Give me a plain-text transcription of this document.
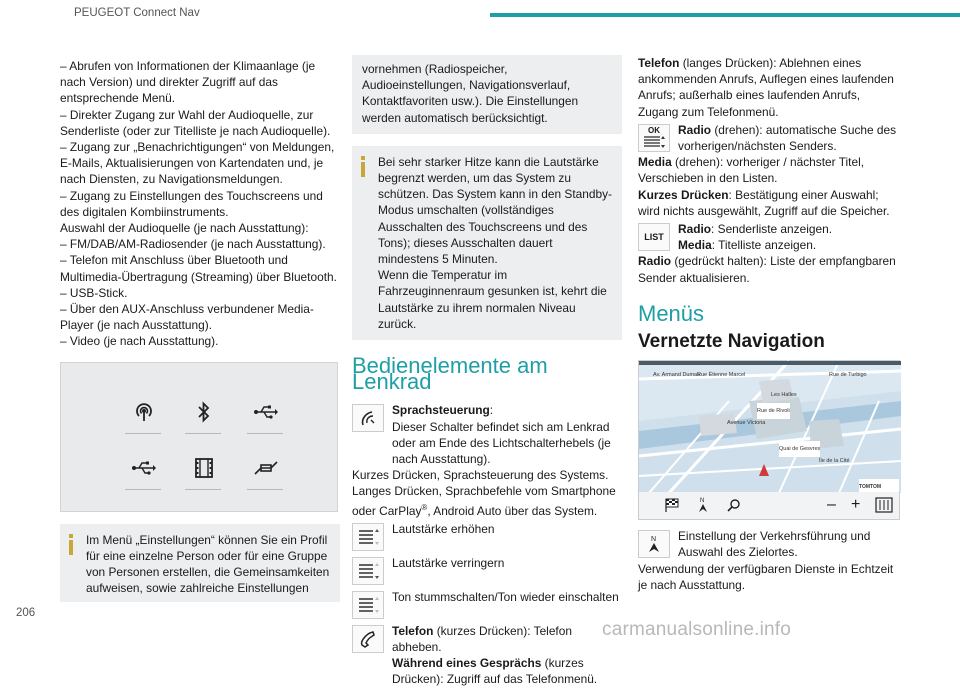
PEUGEOT Connect Nav

– Abrufen von Informationen der Klimaanlage (je nach Version) und direkter Zugriff auf das entsprechende Menü.

– Direkter Zugang zur Wahl der Audioquelle, zur Senderliste (oder zur Titelliste je nach Audioquelle).

– Zugang zur „Benachrichtigungen“ von Meldungen, E-Mails, Aktualisierungen von Kartendaten und, je nach Diensten, zu Navigationsmeldungen.

– Zugang zu Einstellungen des Touchscreens und des digitalen Kombiinstruments.

Auswahl der Audioquelle (je nach Ausstattung):

– FM/DAB/AM-Radiosender (je nach Ausstattung).

– Telefon mit Anschluss über Bluetooth und Multimedia-Übertragung (Streaming) über Bluetooth.

– USB-Stick.

– Über den AUX-Anschluss verbundener Media-Player (je nach Ausstattung).

– Video (je nach Ausstattung).

Im Menü „Einstellungen“ können Sie ein Profil für eine einzelne Person oder für eine Gruppe von Personen erstellen, die Gemeinsamkeiten aufweisen, sowie zahlreiche Einstellungen

vornehmen (Radiospeicher, Audioeinstellungen, Navigationsverlauf, Kontaktfavoriten usw.). Die Einstellungen werden automatisch berücksichtigt.

Bei sehr starker Hitze kann die Lautstärke begrenzt werden, um das System zu schützen. Das System kann in den Standby-Modus umschalten (vollständiges Ausschalten des Touchscreens und des Tons); dieses Ausschalten dauert mindestens 5 Minuten.

Wenn die Temperatur im Fahrzeuginnenraum gesunken ist, kehrt die Lautstärke zu ihrem normalen Niveau zurück.

Bedienelemente am Lenkrad

Sprachsteuerung:

Dieser Schalter befindet sich am Lenkrad oder am Ende des Lichtschalterhebels (je nach Ausstattung).

Kurzes Drücken, Sprachsteuerung des Systems.

Langes Drücken, Sprachbefehle vom Smartphone oder CarPlay®, Android Auto über das System.

Lautstärke erhöhen

Lautstärke verringern

Ton stummschalten/Ton wieder einschalten

Telefon (kurzes Drücken): Telefon abheben.

Während eines Gesprächs (kurzes Drücken): Zugriff auf das Telefonmenü.

Telefon (langes Drücken): Ablehnen eines ankommenden Anrufs, Auflegen eines laufenden Anrufs; außerhalb eines laufenden Anrufs, Zugang zum Telefonmenü.

OK Radio (drehen): automatische Suche des vorherigen/nächsten Senders.

Media (drehen): vorheriger / nächster Titel, Verschieben in den Listen.

Kurzes Drücken: Bestätigung einer Auswahl; wird nichts ausgewählt, Zugriff auf die Speicher.

LIST

Radio: Senderliste anzeigen.

Media: Titelliste anzeigen.

Radio (gedrückt halten): Liste der empfangbaren Sender aktualisieren.

Menüs
Vernetzte Navigation
Av. Armand Dumas
Rue Étienne Marcel	Rue de Turbigo
Rue de Rivoli
Avenue Victoria
Quai de Gesvres
TOMTOM
Les Halles
Île de la Cité
N	– +
N Einstellung der Verkehrsführung und Auswahl des Zielortes.

Verwendung der verfügbaren Dienste in Echtzeit je nach Ausstattung.

206
carmanualsonline.info
